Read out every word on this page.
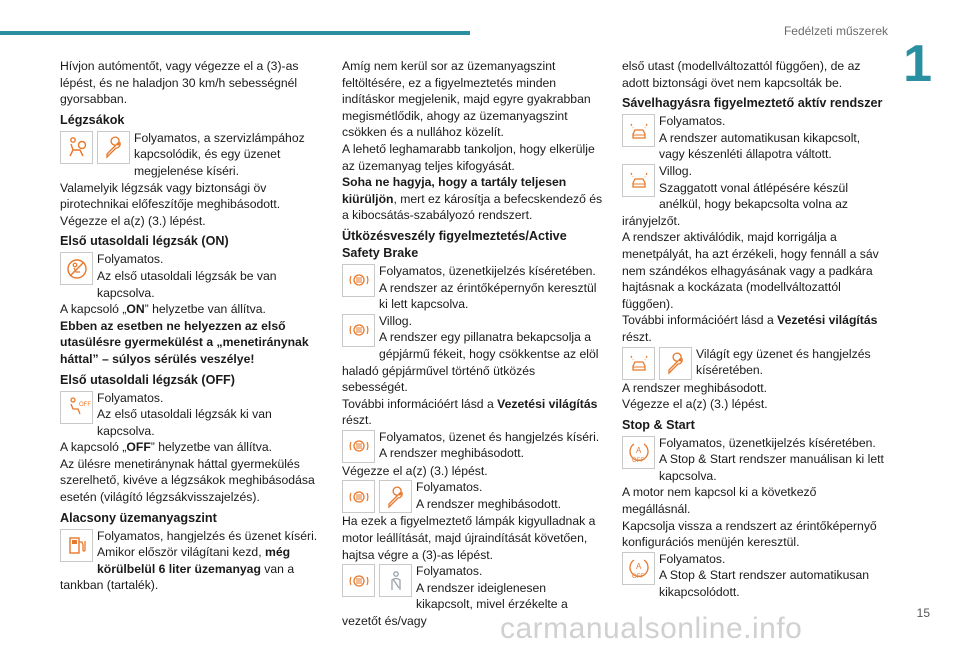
Fedélzeti műszerek
1
15
carmanualsonline.info

Hívjon autómentőt, vagy végezze el a (3)-as lépést, és ne haladjon 30 km/h sebességnél gyorsabban.

Légzsákok
Folyamatos, a szervizlámpához kapcsolódik, és egy üzenet megjelenése kíséri.

Valamelyik légzsák vagy biztonsági öv pirotechnikai előfeszítője meghibásodott.

Végezze el a(z) (3.) lépést.

Első utasoldali légzsák (ON)
Folyamatos.
Az első utasoldali légzsák be van kapcsolva.

A kapcsoló „ON” helyzetbe van állítva.

Ebben az esetben ne helyezzen az első utasülésre gyermekülést a „menetiránynak háttal” – súlyos sérülés veszélye!

Első utasoldali légzsák (OFF)
OFF
Folyamatos.
Az első utasoldali légzsák ki van kapcsolva.

A kapcsoló „OFF” helyzetbe van állítva.

Az ülésre menetiránynak háttal gyermekülés szerelhető, kivéve a légzsákok meghibásodása esetén (világító légzsákvisszajelzés).

Alacsony üzemanyagszint
Folyamatos, hangjelzés és üzenet kíséri. Amikor először világítani kezd, még körülbelül 6 liter üzemanyag van a tankban (tartalék).

Amíg nem kerül sor az üzemanyagszint feltöltésére, ez a figyelmeztetés minden indításkor megjelenik, majd egyre gyakrabban megismétlődik, ahogy az üzemanyagszint csökken és a nullához közelít.

A lehető leghamarabb tankoljon, hogy elkerülje az üzemanyag teljes kifogyását.

Soha ne hagyja, hogy a tartály teljesen kiürüljön, mert ez károsítja a befecskendező és a kibocsátás-szabályozó rendszert.

Ütközésveszély figyelmeztetés/Active Safety Brake
Folyamatos, üzenetkijelzés kíséretében. A rendszer az érintőképernyőn keresztül ki lett kapcsolva.
Villog.
A rendszer egy pillanatra bekapcsolja a gépjármű fékeit, hogy csökkentse az elöl haladó gépjárművel történő ütközés sebességét.

További információért lásd a Vezetési világítás részt.

Folyamatos, üzenet és hangjelzés kíséri. A rendszer meghibásodott.

Végezze el a(z) (3.) lépést.

Folyamatos.
A rendszer meghibásodott.

Ha ezek a figyelmeztető lámpák kigyulladnak a motor leállítását, majd újraindítását követően, hajtsa végre a (3)-as lépést.

Folyamatos.
A rendszer ideiglenesen kikapcsolt, mivel érzékelte a vezetőt és/vagy

első utast (modellváltozattól függően), de az adott biztonsági övet nem kapcsolták be.

Sávelhagyásra figyelmeztető aktív rendszer
Folyamatos.
A rendszer automatikusan kikapcsolt, vagy készenléti állapotra váltott.
Villog.
Szaggatott vonal átlépésére készül anélkül, hogy bekapcsolta volna az irányjelzőt.

A rendszer aktiválódik, majd korrigálja a menetpályát, ha azt érzékeli, hogy fennáll a sáv nem szándékos elhagyásának vagy a padkára hajtásnak a kockázata (modellváltozattól függően).

További információért lásd a Vezetési világítás részt.

Világít egy üzenet és hangjelzés kíséretében.

A rendszer meghibásodott.

Végezze el a(z) (3.) lépést.

Stop & Start
A
OFF
Folyamatos, üzenetkijelzés kíséretében. A Stop & Start rendszer manuálisan ki lett kapcsolva.

A motor nem kapcsol ki a következő megállásnál.

Kapcsolja vissza a rendszert az érintőképernyő konfigurációs menüjén keresztül.

A
OFF
Folyamatos.
A Stop & Start rendszer automatikusan kikapcsolódott.
